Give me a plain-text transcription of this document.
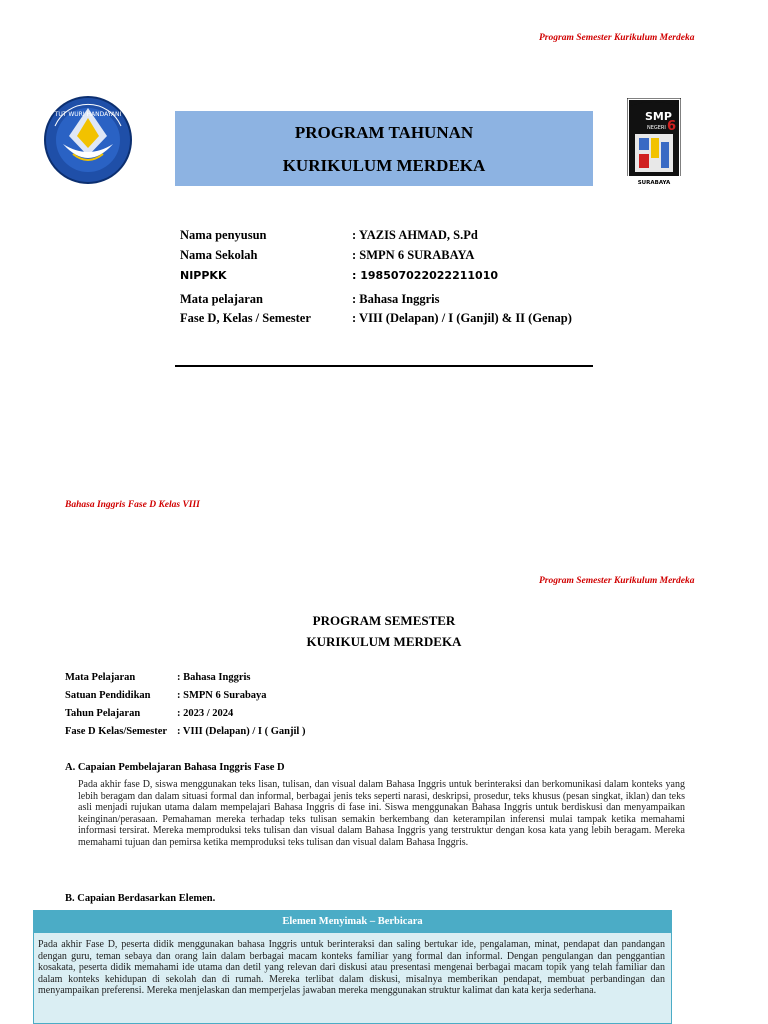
Program Semester Kurikulum Merdeka
TUT WURI HANDAYANI
PROGRAM TAHUNAN
KURIKULUM MERDEKA
SMP
NEGERI 6
SURABAYA
Nama penyusun	: YAZIS AHMAD, S.Pd
Nama Sekolah	: SMPN 6 SURABAYA
NIPPKK	: 198507022022211010
Mata pelajaran	: Bahasa Inggris
Fase D, Kelas / Semester	: VIII (Delapan) / I (Ganjil) & II (Genap)
Bahasa Inggris Fase D Kelas VIII
Program Semester Kurikulum Merdeka
PROGRAM SEMESTER
KURIKULUM MERDEKA
Mata Pelajaran	: Bahasa Inggris
Satuan Pendidikan	: SMPN 6 Surabaya
Tahun Pelajaran	: 2023 / 2024
Fase D Kelas/Semester : VIII (Delapan) / I ( Ganjil )
A. Capaian Pembelajaran Bahasa Inggris Fase D
Pada akhir fase D, siswa menggunakan teks lisan, tulisan, dan visual dalam Bahasa Inggris untuk berinteraksi dan berkomunikasi dalam konteks yang lebih beragam dan dalam situasi formal dan informal, berbagai jenis teks seperti narasi, deskripsi, prosedur, teks khusus (pesan singkat, iklan) dan teks asli menjadi rujukan utama dalam mempelajari Bahasa Inggris di fase ini. Siswa menggunakan Bahasa Inggris untuk berdiskusi dan menyampaikan keinginan/perasaan. Pemahaman mereka terhadap teks tulisan semakin berkembang dan keterampilan inferensi mulai tampak ketika memahami informasi tersirat. Mereka memproduksi teks tulisan dan visual dalam Bahasa Inggris yang terstruktur dengan kosa kata yang lebih beragam. Mereka memahami tujuan dan pemirsa ketika memproduksi teks tulisan dan visual dalam Bahasa Inggris.
B. Capaian Berdasarkan Elemen.
Elemen Menyimak – Berbicara
Pada akhir Fase D, peserta didik menggunakan bahasa Inggris untuk berinteraksi dan saling bertukar ide, pengalaman, minat, pendapat dan pandangan dengan guru, teman sebaya dan orang lain dalam berbagai macam konteks familiar yang formal dan informal. Dengan pengulangan dan penggantian kosakata, peserta didik memahami ide utama dan detil yang relevan dari diskusi atau presentasi mengenai berbagai macam topik yang telah familiar dan dalam konteks kehidupan di sekolah dan di rumah. Mereka terlibat dalam diskusi, misalnya memberikan pendapat, membuat perbandingan dan menyampaikan preferensi. Mereka menjelaskan dan memperjelas jawaban mereka menggunakan struktur kalimat dan kata kerja sederhana.
